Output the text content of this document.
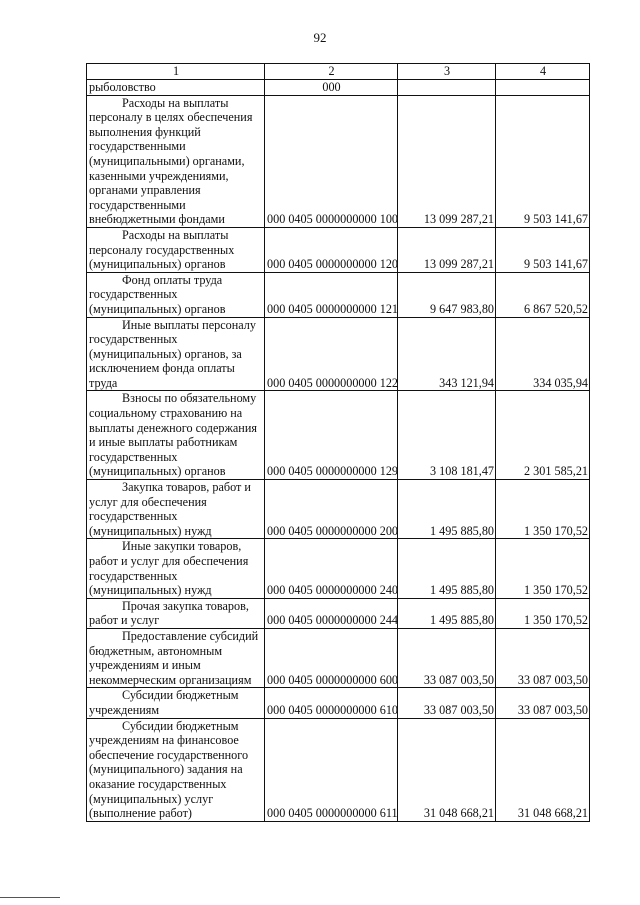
92
1	2	3	4
рыболовство	000		
Расходы на выплаты персоналу в целях обеспечения выполнения функций государственными (муниципальными) органами, казенными учреждениями, органами управления государственными внебюджетными фондами	000 0405 0000000000 100	13 099 287,21	9 503 141,67
Расходы на выплаты персоналу государственных (муниципальных) органов	000 0405 0000000000 120	13 099 287,21	9 503 141,67
Фонд оплаты труда государственных (муниципальных) органов	000 0405 0000000000 121	9 647 983,80	6 867 520,52
Иные выплаты персоналу государственных (муниципальных) органов, за исключением фонда оплаты труда	000 0405 0000000000 122	343 121,94	334 035,94
Взносы по обязательному социальному страхованию на выплаты денежного содержания и иные выплаты работникам государственных (муниципальных) органов	000 0405 0000000000 129	3 108 181,47	2 301 585,21
Закупка товаров, работ и услуг для обеспечения государственных (муниципальных) нужд	000 0405 0000000000 200	1 495 885,80	1 350 170,52
Иные закупки товаров, работ и услуг для обеспечения государственных (муниципальных) нужд	000 0405 0000000000 240	1 495 885,80	1 350 170,52
Прочая закупка товаров, работ и услуг	000 0405 0000000000 244	1 495 885,80	1 350 170,52
Предоставление субсидий бюджетным, автономным учреждениям и иным некоммерческим организациям	000 0405 0000000000 600	33 087 003,50	33 087 003,50
Субсидии бюджетным учреждениям	000 0405 0000000000 610	33 087 003,50	33 087 003,50
Субсидии бюджетным учреждениям на финансовое обеспечение государственного (муниципального) задания на оказание государственных (муниципальных) услуг (выполнение работ)	000 0405 0000000000 611	31 048 668,21	31 048 668,21
